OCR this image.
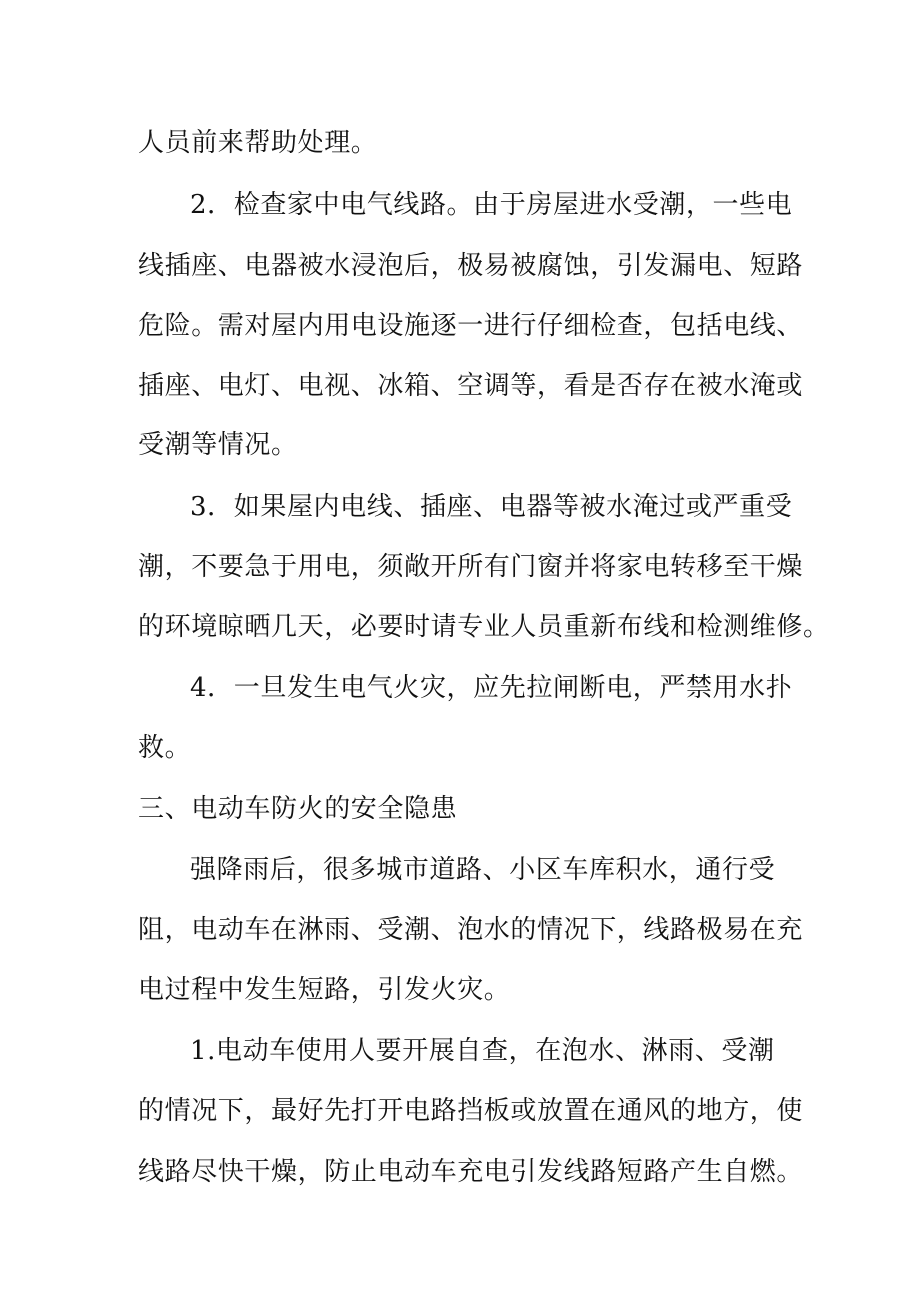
人员前来帮助处理。
2．检查家中电气线路。由于房屋进水受潮，一些电
线插座、电器被水浸泡后，极易被腐蚀，引发漏电、短路
危险。需对屋内用电设施逐一进行仔细检查，包括电线、
插座、电灯、电视、冰箱、空调等，看是否存在被水淹或
受潮等情况。
3．如果屋内电线、插座、电器等被水淹过或严重受
潮，不要急于用电，须敞开所有门窗并将家电转移至干燥
的环境晾晒几天，必要时请专业人员重新布线和检测维修。
4．一旦发生电气火灾，应先拉闸断电，严禁用水扑
救。
三、电动车防火的安全隐患
强降雨后，很多城市道路、小区车库积水，通行受
阻，电动车在淋雨、受潮、泡水的情况下，线路极易在充
电过程中发生短路，引发火灾。
1.电动车使用人要开展自查，在泡水、淋雨、受潮
的情况下，最好先打开电路挡板或放置在通风的地方，使
线路尽快干燥，防止电动车充电引发线路短路产生自燃。
